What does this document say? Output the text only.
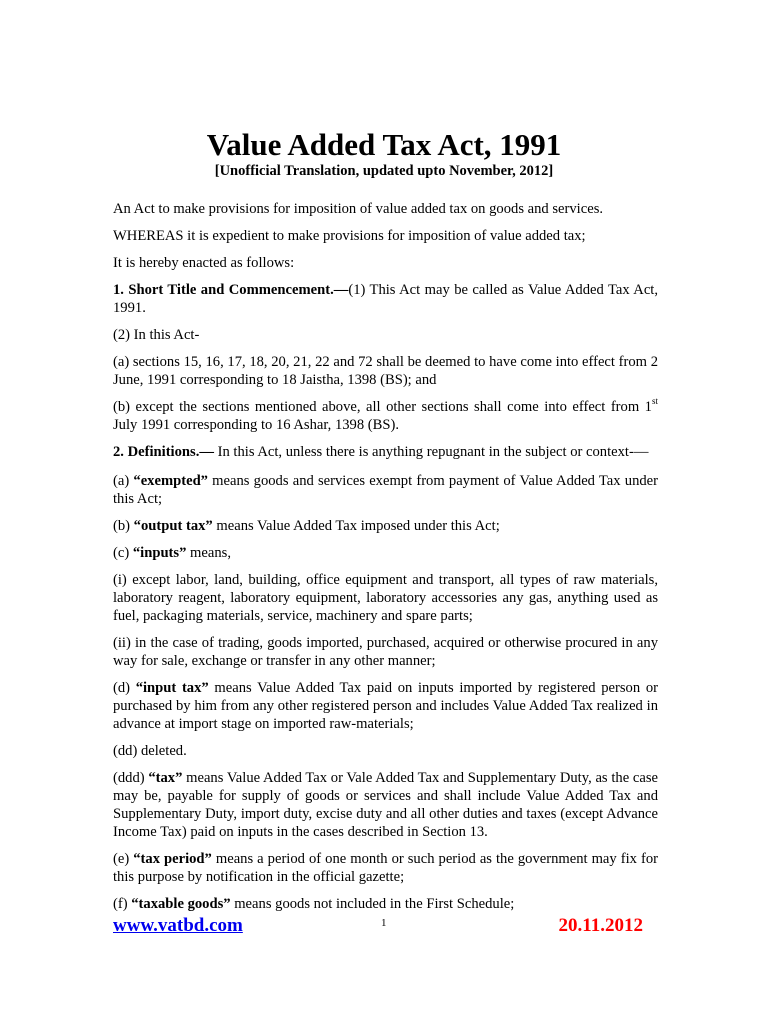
Value Added Tax Act, 1991
[Unofficial Translation, updated upto November, 2012]

An Act to make provisions for imposition of value added tax on goods and services.

WHEREAS it is expedient to make provisions for imposition of value added tax;

It is hereby enacted as follows:

1. Short Title and Commencement.—(1) This Act may be called as Value Added Tax Act, 1991.

(2) In this Act-

(a) sections 15, 16, 17, 18, 20, 21, 22 and 72 shall be deemed to have come into effect from 2 June, 1991 corresponding to 18 Jaistha, 1398 (BS); and

(b) except the sections mentioned above, all other sections shall come into effect from 1st July 1991 corresponding to 16 Ashar, 1398 (BS).

2. Definitions.— In this Act, unless there is anything repugnant in the subject or context-—

(a) “exempted” means goods and services exempt from payment of Value Added Tax under this Act;

(b) “output tax” means Value Added Tax imposed under this Act;

(c) “inputs” means,

(i) except labor, land, building, office equipment and transport, all types of raw materials, laboratory reagent, laboratory equipment, laboratory accessories any gas, anything used as fuel, packaging materials, service, machinery and spare parts;

(ii) in the case of trading, goods imported, purchased, acquired or otherwise procured in any way for sale, exchange or transfer in any other manner;

(d) “input tax” means Value Added Tax paid on inputs imported by registered person or purchased by him from any other registered person and includes Value Added Tax realized in advance at import stage on imported raw-materials;

(dd) deleted.

(ddd) “tax” means Value Added Tax or Vale Added Tax and Supplementary Duty, as the case may be, payable for supply of goods or services and shall include Value Added Tax and Supplementary Duty, import duty, excise duty and all other duties and taxes (except Advance Income Tax) paid on inputs in the cases described in Section 13.

(e) “tax period” means a period of one month or such period as the government may fix for this purpose by notification in the official gazette;

(f) “taxable goods” means goods not included in the First Schedule;

www.vatbd.com	1	20.11.2012
